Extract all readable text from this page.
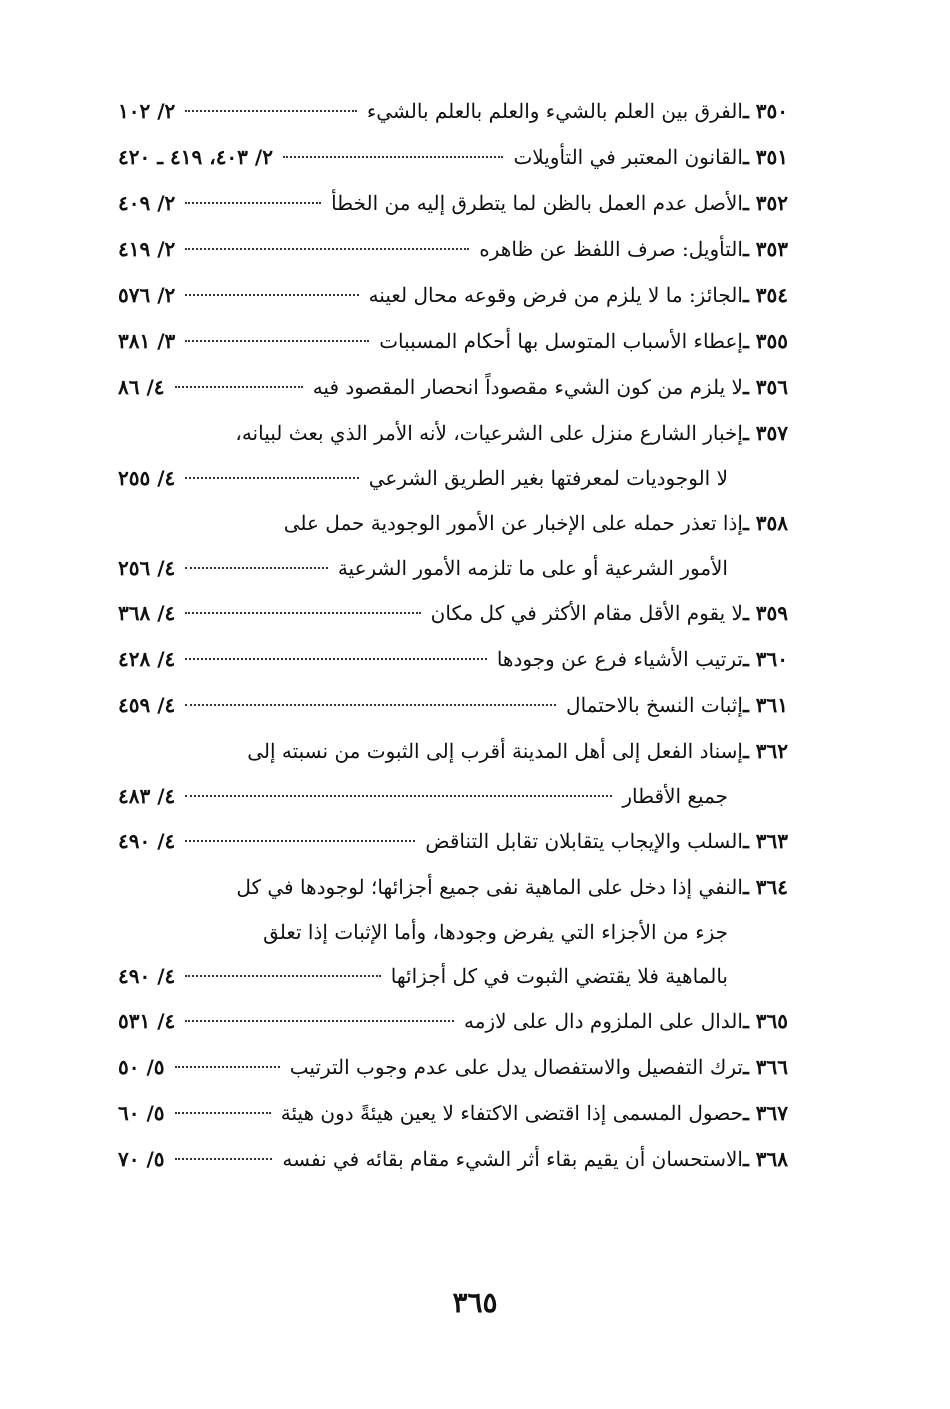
٣٥٠ ـ
الفرق بين العلم بالشيء والعلم بالعلم بالشيء
٢/ ١٠٢
٣٥١ ـ
القانون المعتبر في التأويلات
٢/ ٤٠٣، ٤١٩ ـ ٤٢٠
٣٥٢ ـ
الأصل عدم العمل بالظن لما يتطرق إليه من الخطأ
٢/ ٤٠٩
٣٥٣ ـ
التأويل: صرف اللفظ عن ظاهره
٢/ ٤١٩
٣٥٤ ـ
الجائز: ما لا يلزم من فرض وقوعه محال لعينه
٢/ ٥٧٦
٣٥٥ ـ
إعطاء الأسباب المتوسل بها أحكام المسببات
٣/ ٣٨١
٣٥٦ ـ
لا يلزم من كون الشيء مقصوداً انحصار المقصود فيه
٤/ ٨٦
٣٥٧ ـ
إخبار الشارع منزل على الشرعيات، لأنه الأمر الذي بعث لبيانه،
لا الوجوديات لمعرفتها بغير الطريق الشرعي
٤/ ٢٥٥
٣٥٨ ـ
إذا تعذر حمله على الإخبار عن الأمور الوجودية حمل على
الأمور الشرعية أو على ما تلزمه الأمور الشرعية
٤/ ٢٥٦
٣٥٩ ـ
لا يقوم الأقل مقام الأكثر في كل مكان
٤/ ٣٦٨
٣٦٠ ـ
ترتيب الأشياء فرع عن وجودها
٤/ ٤٢٨
٣٦١ ـ
إثبات النسخ بالاحتمال
٤/ ٤٥٩
٣٦٢ ـ
إسناد الفعل إلى أهل المدينة أقرب إلى الثبوت من نسبته إلى
جميع الأقطار
٤/ ٤٨٣
٣٦٣ ـ
السلب والإيجاب يتقابلان تقابل التناقض
٤/ ٤٩٠
٣٦٤ ـ
النفي إذا دخل على الماهية نفى جميع أجزائها؛ لوجودها في كل
جزء من الأجزاء التي يفرض وجودها، وأما الإثبات إذا تعلق
بالماهية فلا يقتضي الثبوت في كل أجزائها
٤/ ٤٩٠
٣٦٥ ـ
الدال على الملزوم دال على لازمه
٤/ ٥٣١
٣٦٦ ـ
ترك التفصيل والاستفصال يدل على عدم وجوب الترتيب
٥/ ٥٠
٣٦٧ ـ
حصول المسمى إذا اقتضى الاكتفاء لا يعين هيئةً دون هيئة
٥/ ٦٠
٣٦٨ ـ
الاستحسان أن يقيم بقاء أثر الشيء مقام بقائه في نفسه
٥/ ٧٠
٣٦٥
